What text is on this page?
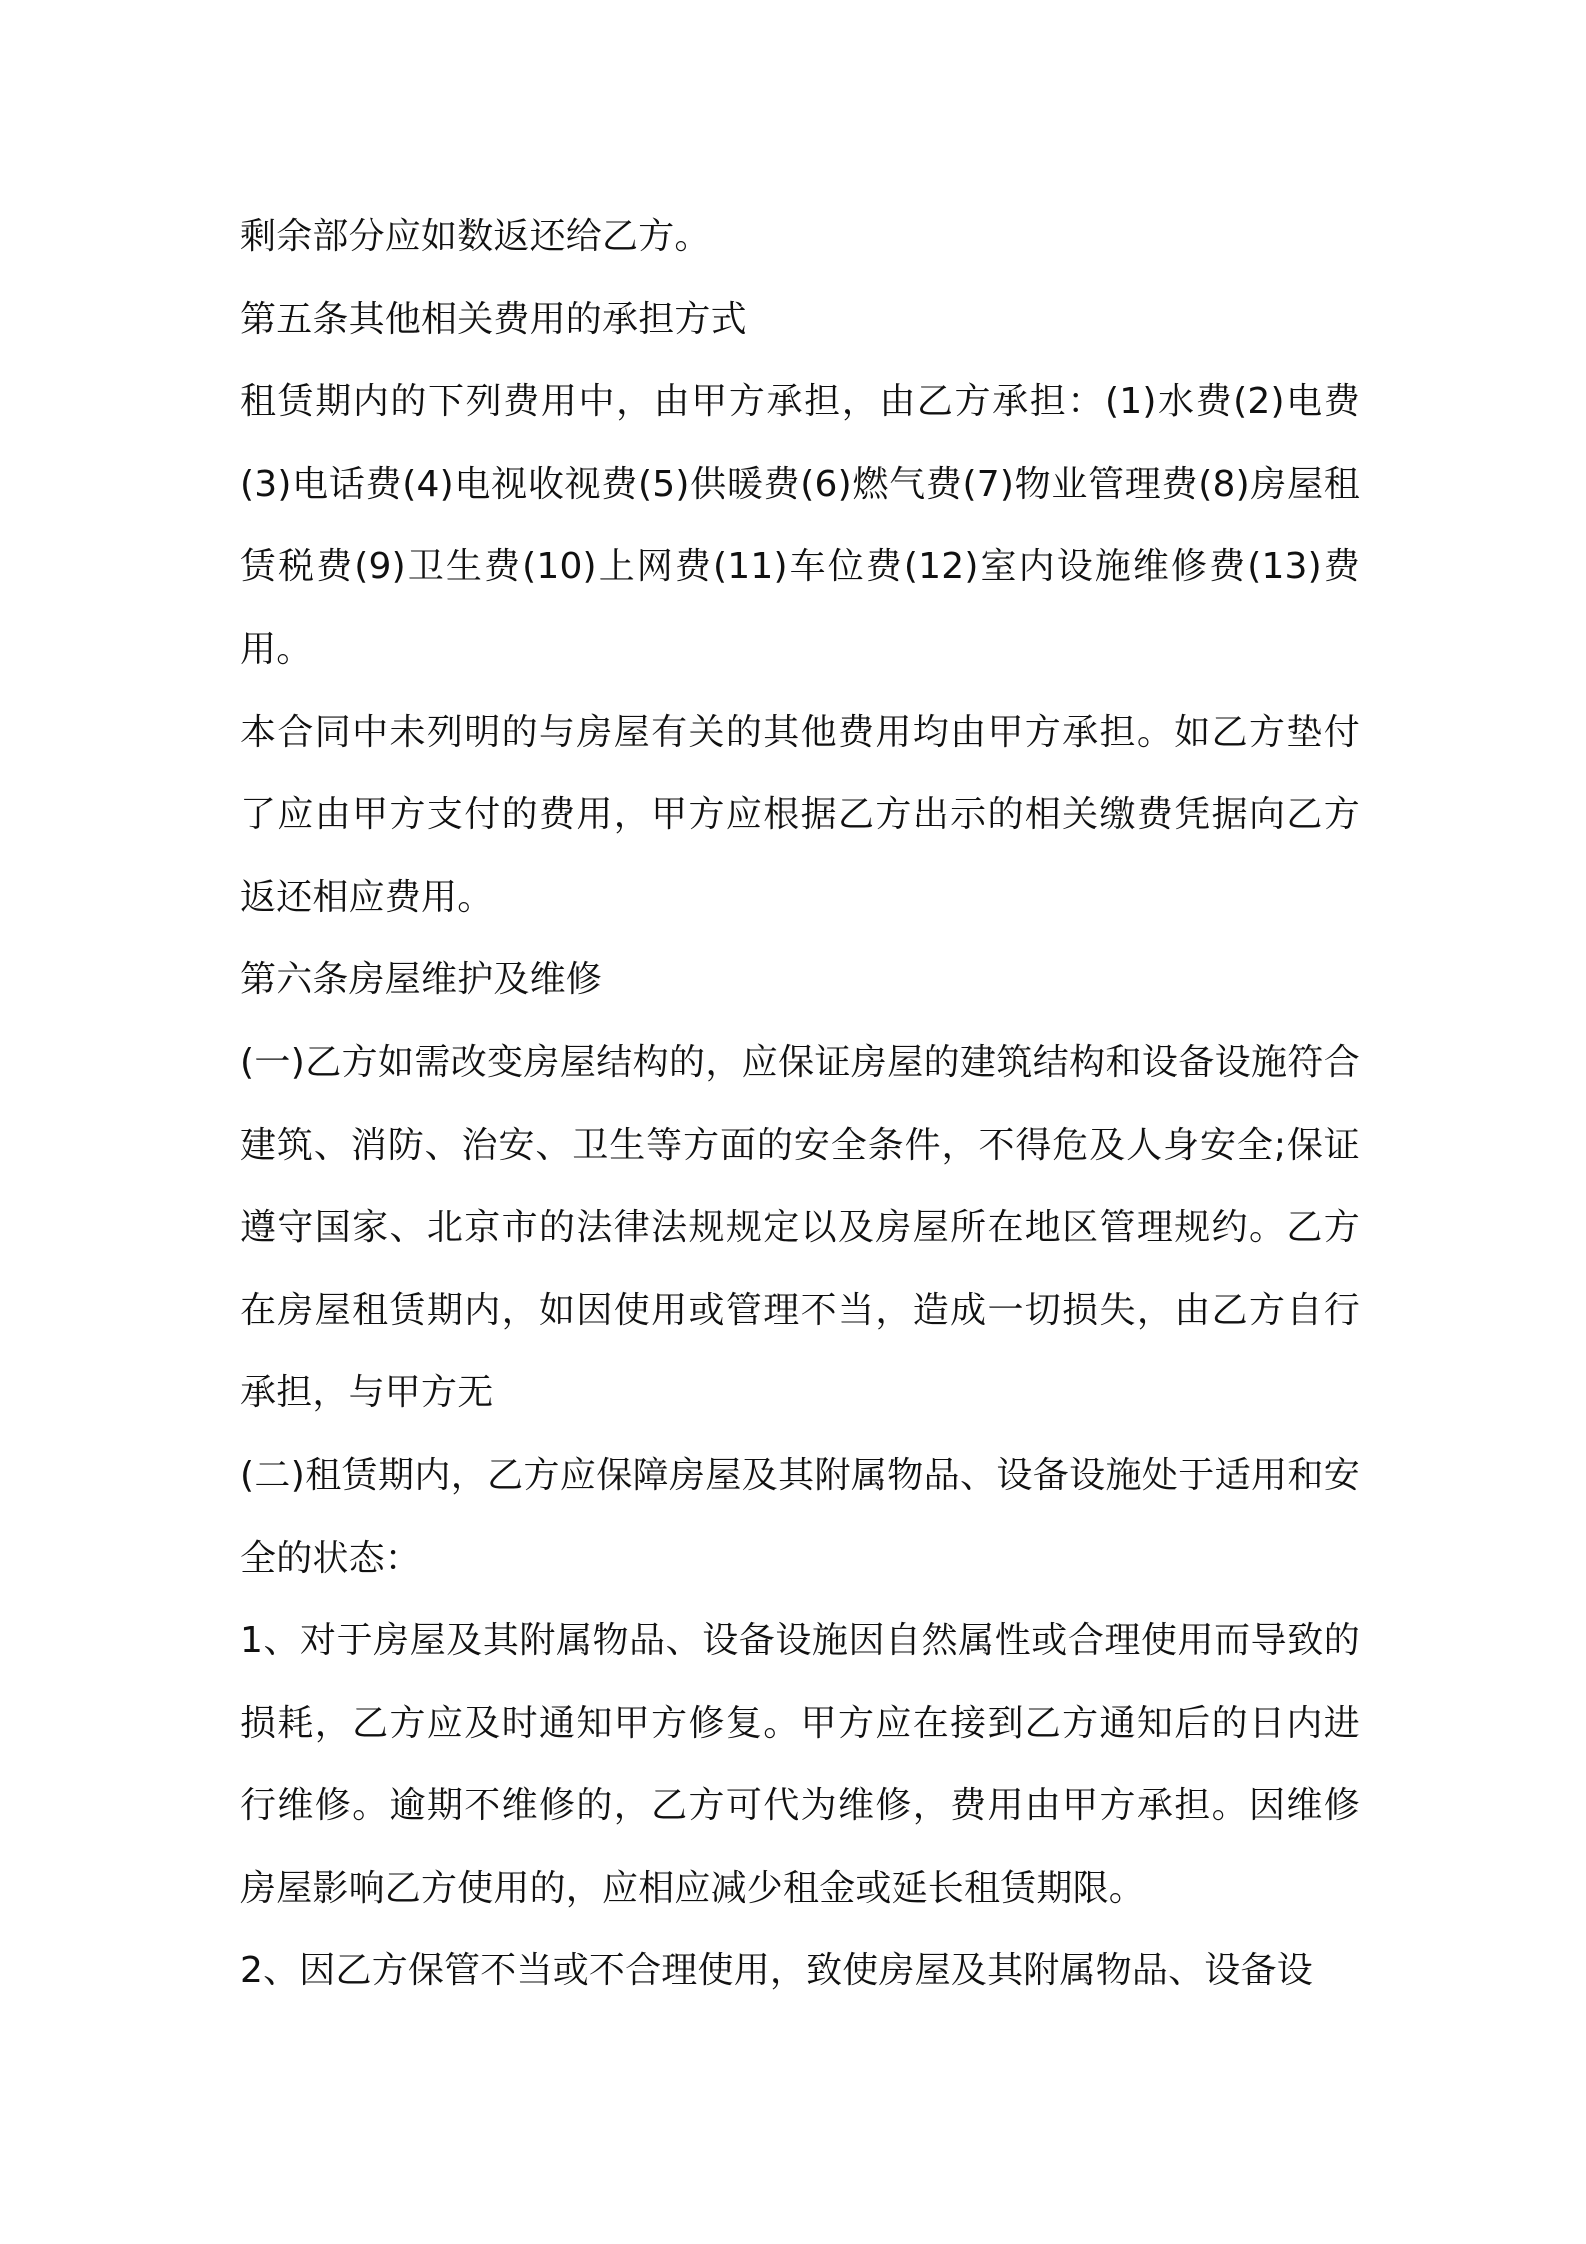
剩余部分应如数返还给乙方。

第五条其他相关费用的承担方式

租赁期内的下列费用中，由甲方承担，由乙方承担：(1)水费(2)电费(3)电话费(4)电视收视费(5)供暖费(6)燃气费(7)物业管理费(8)房屋租赁税费(9)卫生费(10)上网费(11)车位费(12)室内设施维修费(13)费用。

本合同中未列明的与房屋有关的其他费用均由甲方承担。如乙方垫付了应由甲方支付的费用，甲方应根据乙方出示的相关缴费凭据向乙方返还相应费用。

第六条房屋维护及维修

(一)乙方如需改变房屋结构的，应保证房屋的建筑结构和设备设施符合建筑、消防、治安、卫生等方面的安全条件，不得危及人身安全;保证遵守国家、北京市的法律法规规定以及房屋所在地区管理规约。乙方在房屋租赁期内，如因使用或管理不当，造成一切损失，由乙方自行承担，与甲方无

(二)租赁期内，乙方应保障房屋及其附属物品、设备设施处于适用和安全的状态：

1、对于房屋及其附属物品、设备设施因自然属性或合理使用而导致的损耗，乙方应及时通知甲方修复。甲方应在接到乙方通知后的日内进行维修。逾期不维修的，乙方可代为维修，费用由甲方承担。因维修房屋影响乙方使用的，应相应减少租金或延长租赁期限。

2、因乙方保管不当或不合理使用，致使房屋及其附属物品、设备设
